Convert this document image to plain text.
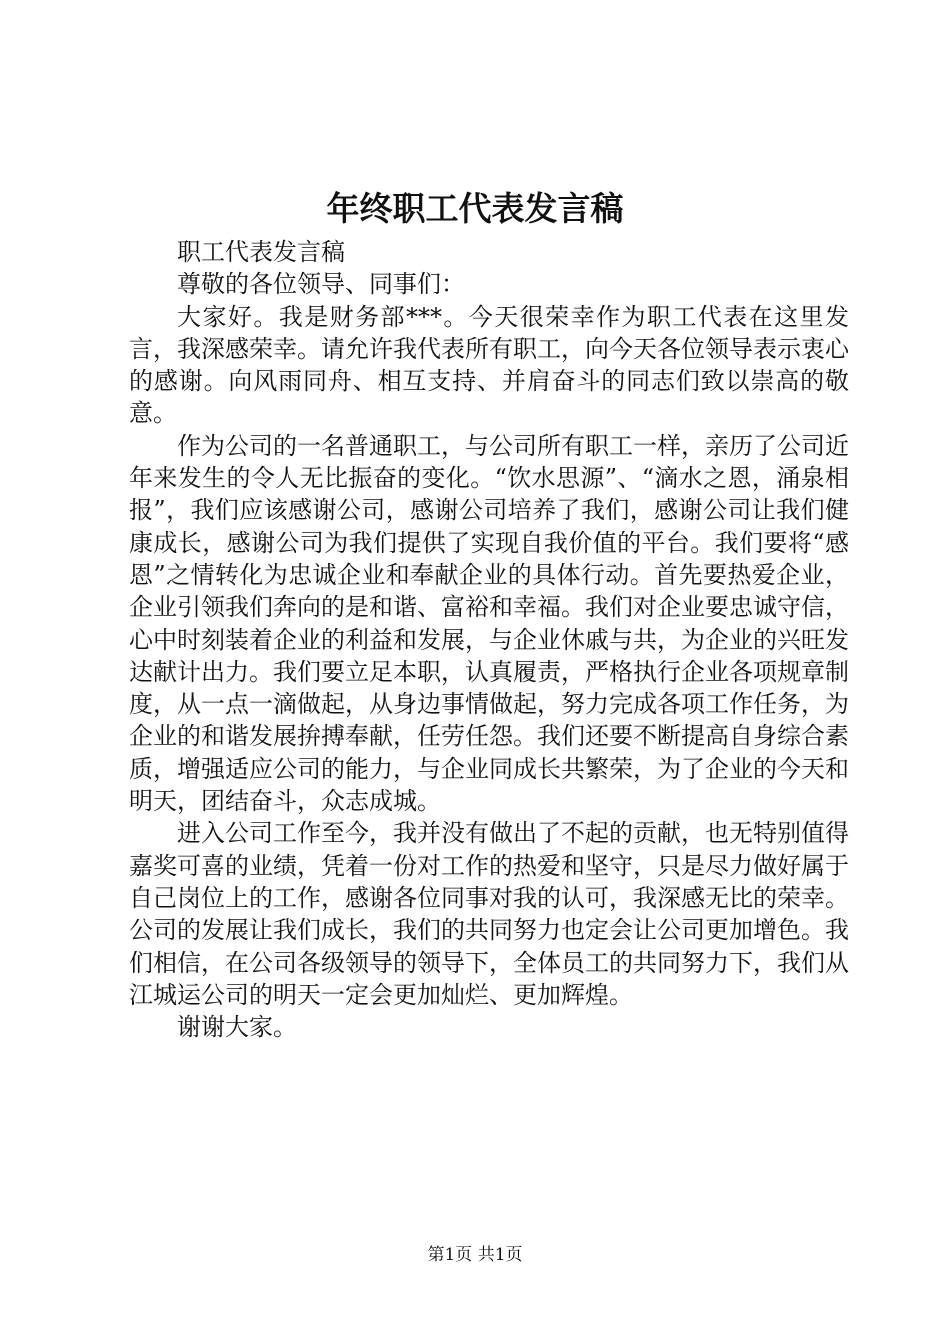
年终职工代表发言稿

职工代表发言稿

尊敬的各位领导、同事们：

大家好。我是财务部***。今天很荣幸作为职工代表在这里发言，我深感荣幸。请允许我代表所有职工，向今天各位领导表示衷心的感谢。向风雨同舟、相互支持、并肩奋斗的同志们致以崇高的敬意。

作为公司的一名普通职工，与公司所有职工一样，亲历了公司近年来发生的令人无比振奋的变化。“饮水思源”、“滴水之恩，涌泉相报”，我们应该感谢公司，感谢公司培养了我们，感谢公司让我们健康成长，感谢公司为我们提供了实现自我价值的平台。我们要将“感恩”之情转化为忠诚企业和奉献企业的具体行动。首先要热爱企业，企业引领我们奔向的是和谐、富裕和幸福。我们对企业要忠诚守信，心中时刻装着企业的利益和发展，与企业休戚与共，为企业的兴旺发达献计出力。我们要立足本职，认真履责，严格执行企业各项规章制度，从一点一滴做起，从身边事情做起，努力完成各项工作任务，为企业的和谐发展拚搏奉献，任劳任怨。我们还要不断提高自身综合素质，增强适应公司的能力，与企业同成长共繁荣，为了企业的今天和明天，团结奋斗，众志成城。

进入公司工作至今，我并没有做出了不起的贡献，也无特别值得嘉奖可喜的业绩，凭着一份对工作的热爱和坚守，只是尽力做好属于自己岗位上的工作，感谢各位同事对我的认可，我深感无比的荣幸。公司的发展让我们成长，我们的共同努力也定会让公司更加增色。我们相信，在公司各级领导的领导下，全体员工的共同努力下，我们从江城运公司的明天一定会更加灿烂、更加辉煌。

谢谢大家。

第1页 共1页
